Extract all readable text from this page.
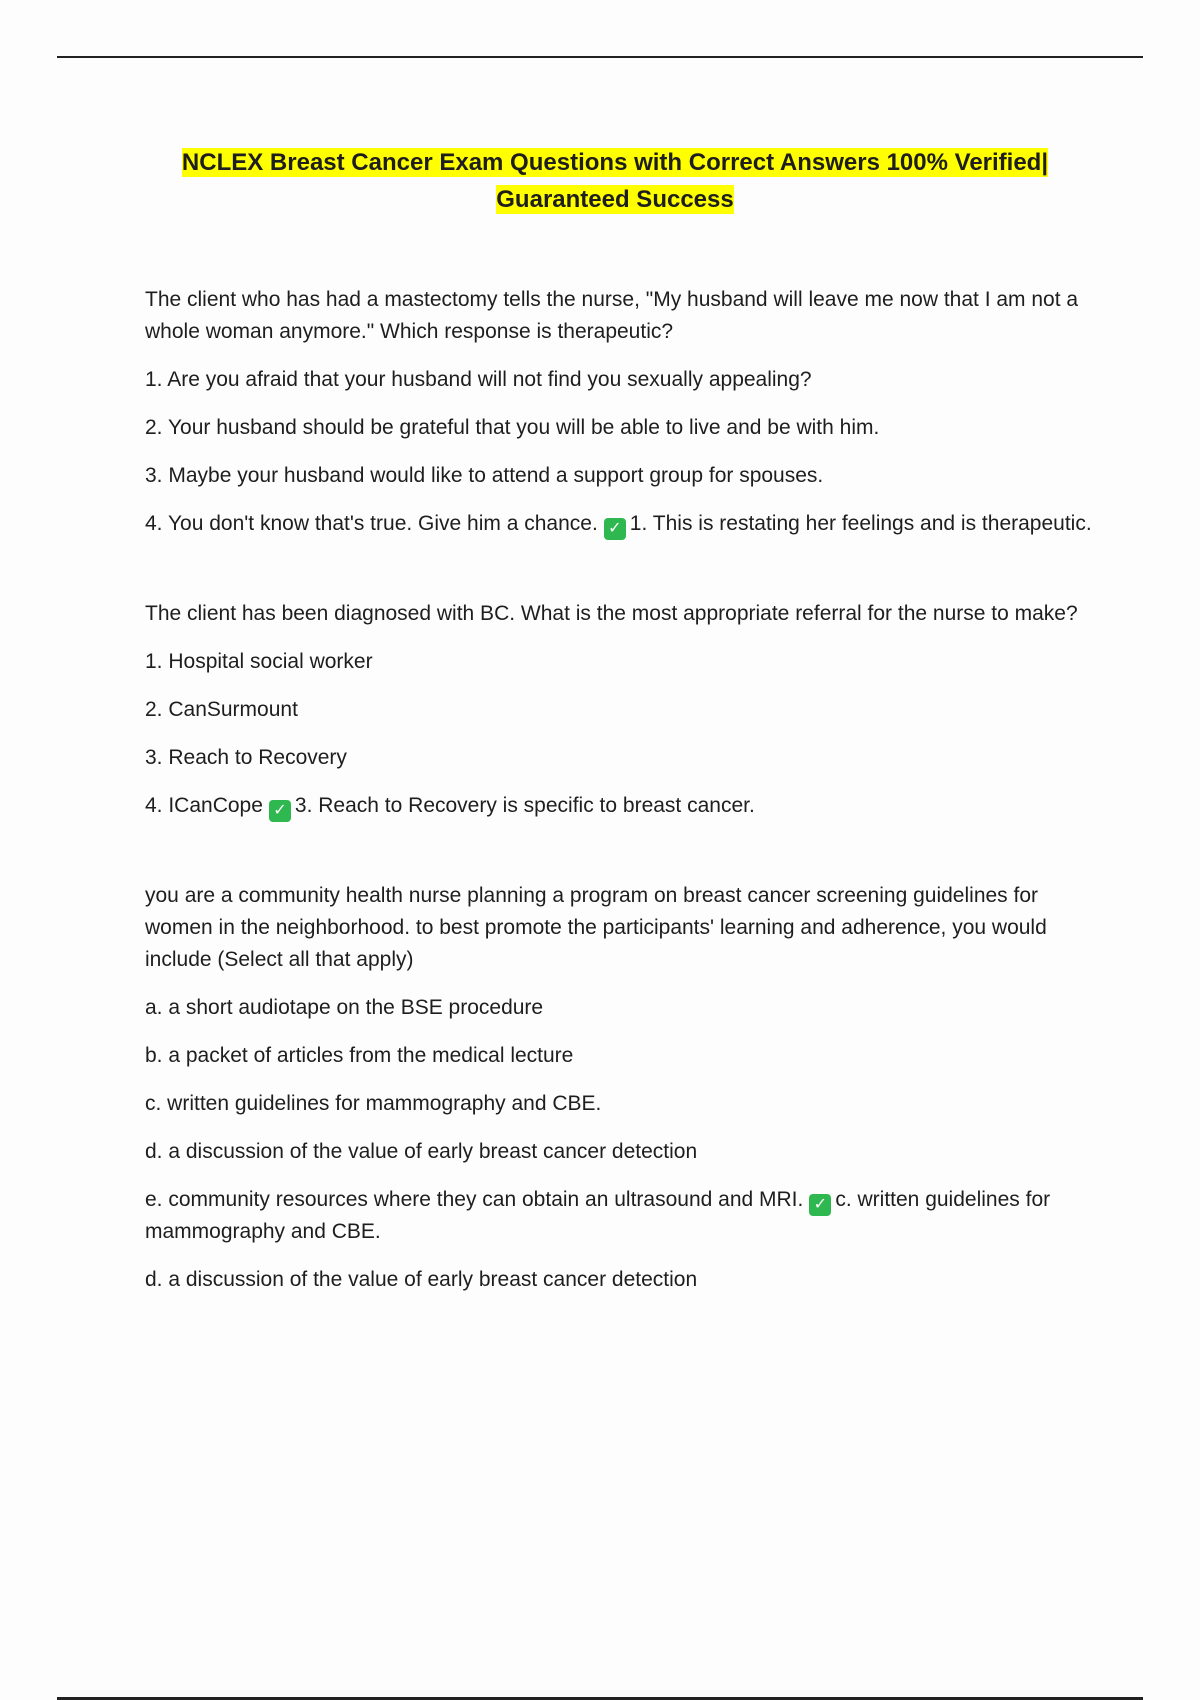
NCLEX Breast Cancer Exam Questions with Correct Answers 100% Verified|
Guaranteed Success

The client who has had a mastectomy tells the nurse, "My husband will leave me now that I am not a whole woman anymore." Which response is therapeutic?

1. Are you afraid that your husband will not find you sexually appealing?

2. Your husband should be grateful that you will be able to live and be with him.

3. Maybe your husband would like to attend a support group for spouses.

4. You don't know that's true. Give him a chance. ✓ 1. This is restating her feelings and is therapeutic.

The client has been diagnosed with BC. What is the most appropriate referral for the nurse to make?

1. Hospital social worker

2. CanSurmount

3. Reach to Recovery

4. ICanCope ✓ 3. Reach to Recovery is specific to breast cancer.

you are a community health nurse planning a program on breast cancer screening guidelines for women in the neighborhood. to best promote the participants' learning and adherence, you would include (Select all that apply)

a. a short audiotape on the BSE procedure

b. a packet of articles from the medical lecture

c. written guidelines for mammography and CBE.

d. a discussion of the value of early breast cancer detection

e. community resources where they can obtain an ultrasound and MRI. ✓ c. written guidelines for mammography and CBE.

d. a discussion of the value of early breast cancer detection
